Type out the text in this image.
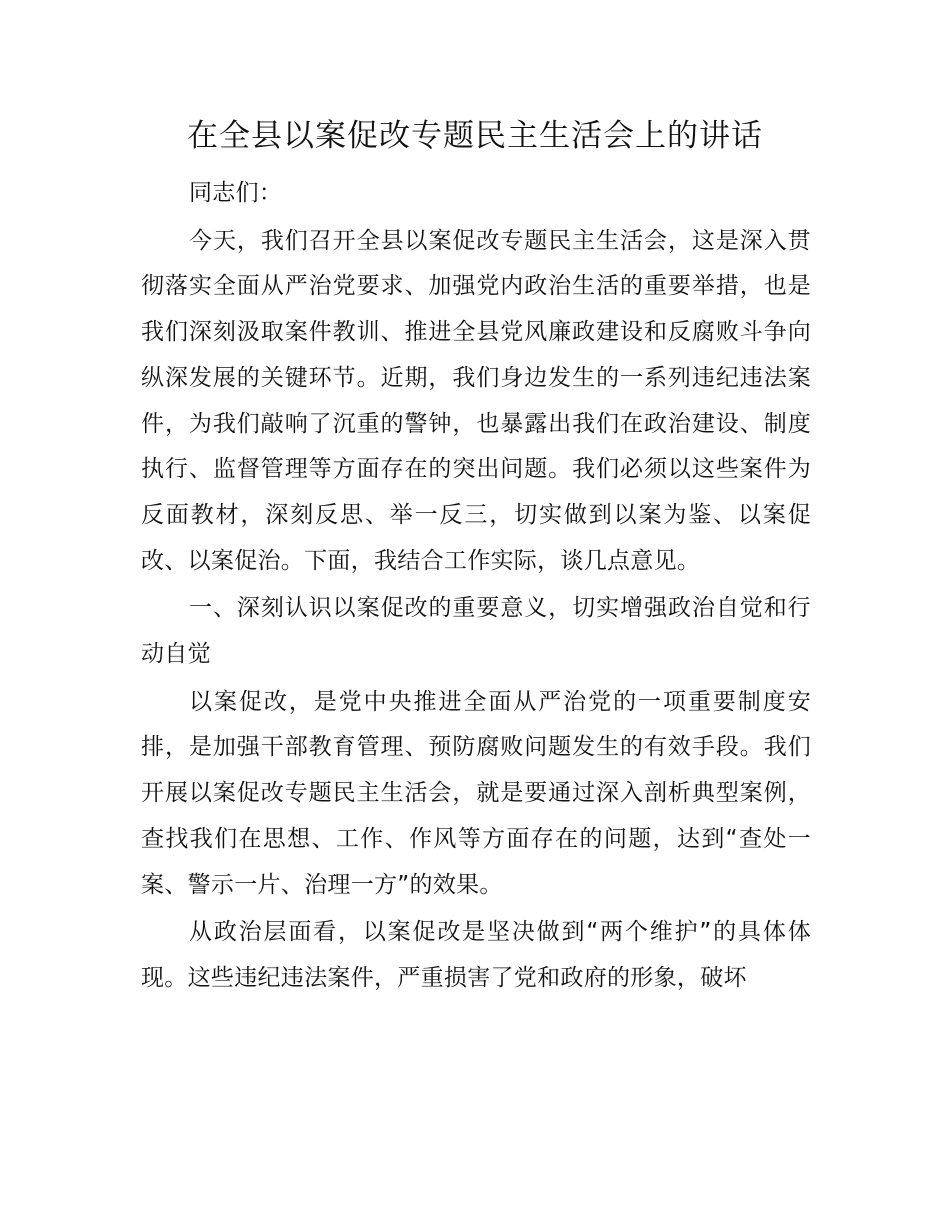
在全县以案促改专题民主生活会上的讲话

同志们：

今天，我们召开全县以案促改专题民主生活会，这是深入贯彻落实全面从严治党要求、加强党内政治生活的重要举措，也是我们深刻汲取案件教训、推进全县党风廉政建设和反腐败斗争向纵深发展的关键环节。近期，我们身边发生的一系列违纪违法案件，为我们敲响了沉重的警钟，也暴露出我们在政治建设、制度执行、监督管理等方面存在的突出问题。我们必须以这些案件为反面教材，深刻反思、举一反三，切实做到以案为鉴、以案促改、以案促治。下面，我结合工作实际，谈几点意见。

一、深刻认识以案促改的重要意义，切实增强政治自觉和行动自觉

以案促改，是党中央推进全面从严治党的一项重要制度安排，是加强干部教育管理、预防腐败问题发生的有效手段。我们开展以案促改专题民主生活会，就是要通过深入剖析典型案例，查找我们在思想、工作、作风等方面存在的问题，达到“查处一案、警示一片、治理一方”的效果。

从政治层面看，以案促改是坚决做到“两个维护”的具体体现。这些违纪违法案件，严重损害了党和政府的形象，破坏
